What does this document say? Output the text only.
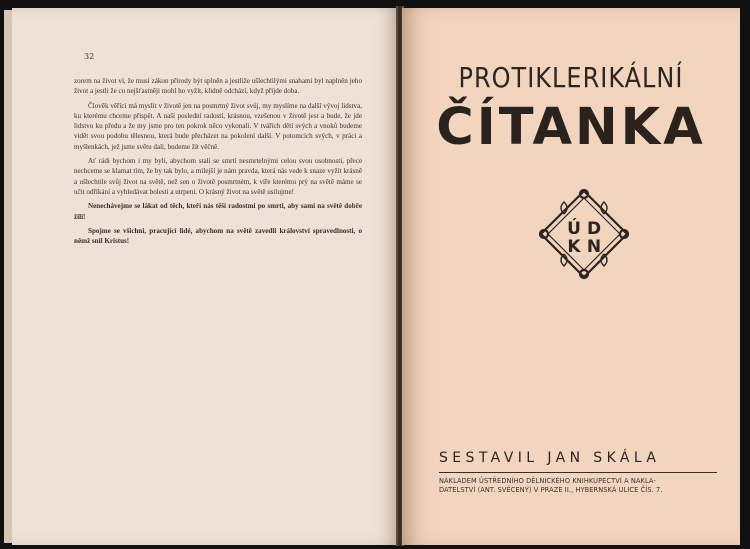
32

zorem na život ví, že musí zákon přírody být splněn a jestliže ušlechtilými snahami byl naplněn jeho život a jestli že co nejšťastněji mohl ho vyžít, klidně odchází, když přijde doba.

Člověk věřící má myslit v životě jen na posmrtný život svůj, my myslíme na další vývoj lidstva, ku kterému chceme přispět. A naší poslední radostí, krásnou, vzešenou v životě jest a bude, že jde lidstvo ku předu a že my jsme pro ten pokrok něco vykonali. V tvářích dětí svých a vnoků budeme vidět svou podobu tělesnou, která bude přecházet na pokolení další. V potomcích svých, v práci a myšlenkách, jež jsme světu dali, budeme žít věčně.

Ať rádi bychom i my byli, abychom stali se smrtí nesmrtelnými celou svou osobností, přece nechceme se klamat tím, že by tak bylo, a milejší je nám pravda, která nás vede k snaze vyžít krásně a ušlechtile svůj život na světě, než sen o životě posmrtném, k víře kterému prý na světě máme se učit odříkání a vyhledávat bolesti a utrpení. O krásný život na světě usilujme!

Nenechávejme se lákat od těch, kteří nás těší radostmi po smrti, aby sami na světě dobře žili!

Spojme se všichni, pracující lidé, abychom na světě zavedli království spravedlnosti, o němž snil Kristus!

PROTIKLERIKÁLNÍ
ČÍTANKA
Ú D
K N
SESTAVIL JAN SKÁLA
NÁKLADEM ÚSTŘEDNÍHO DĚLNICKÉHO KNIHKUPECTVÍ A NAKLA-
DATELSTVÍ (ANT. SVĚCENÝ) V PRAZE II., HYBERNSKÁ ULICE ČÍS. 7.
